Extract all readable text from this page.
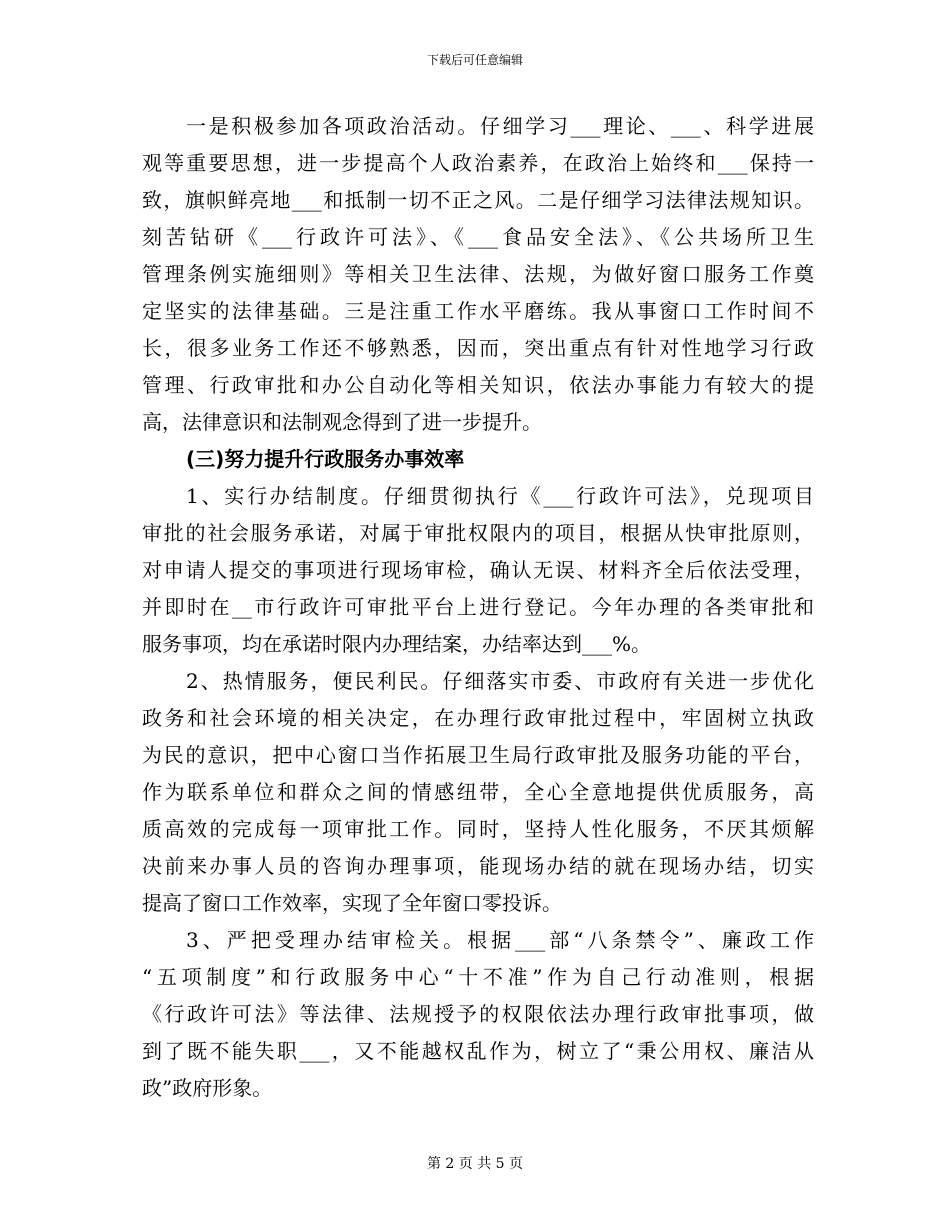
下载后可任意编辑
一是积极参加各项政治活动。仔细学习___理论、___、科学进展
观等重要思想，进一步提高个人政治素养，在政治上始终和___保持一
致，旗帜鲜亮地___和抵制一切不正之风。二是仔细学习法律法规知识。
刻苦钻研《___行政许可法》、《___食品安全法》、《公共场所卫生
管理条例实施细则》等相关卫生法律、法规，为做好窗口服务工作奠
定坚实的法律基础。三是注重工作水平磨练。我从事窗口工作时间不
长，很多业务工作还不够熟悉，因而，突出重点有针对性地学习行政
管理、行政审批和办公自动化等相关知识，依法办事能力有较大的提
高，法律意识和法制观念得到了进一步提升。
(三)努力提升行政服务办事效率
1、实行办结制度。仔细贯彻执行《___行政许可法》，兑现项目
审批的社会服务承诺，对属于审批权限内的项目，根据从快审批原则，
对申请人提交的事项进行现场审检，确认无误、材料齐全后依法受理，
并即时在__市行政许可审批平台上进行登记。今年办理的各类审批和
服务事项，均在承诺时限内办理结案，办结率达到___%。
2、热情服务，便民利民。仔细落实市委、市政府有关进一步优化
政务和社会环境的相关决定，在办理行政审批过程中，牢固树立执政
为民的意识，把中心窗口当作拓展卫生局行政审批及服务功能的平台，
作为联系单位和群众之间的情感纽带，全心全意地提供优质服务，高
质高效的完成每一项审批工作。同时，坚持人性化服务，不厌其烦解
决前来办事人员的咨询办理事项，能现场办结的就在现场办结，切实
提高了窗口工作效率，实现了全年窗口零投诉。
3、严把受理办结审检关。根据___部“八条禁令”、廉政工作
“五项制度”和行政服务中心“十不准”作为自己行动准则，根据
《行政许可法》等法律、法规授予的权限依法办理行政审批事项，做
到了既不能失职___，又不能越权乱作为，树立了“秉公用权、廉洁从
政”政府形象。
第 2 页 共 5 页
